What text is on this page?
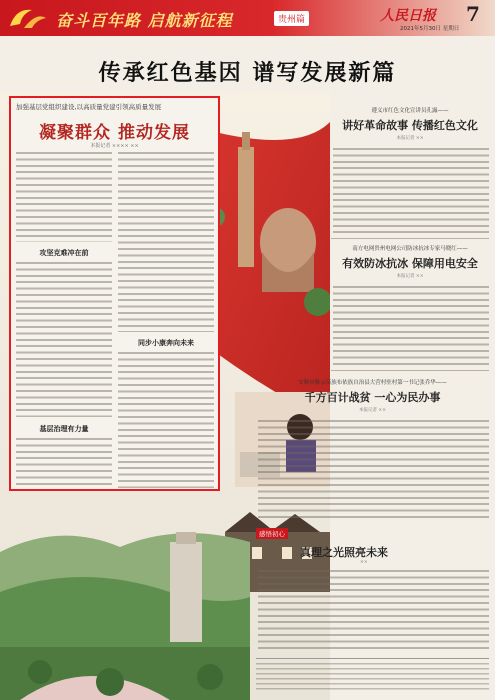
奋斗百年路 启航新征程	贵州篇	人民日报 7
2021年5月30日 星期日
传承红色基因 谱写发展新篇
加强基层党组织建设,以高质量党建引领高质量发展
凝聚群众 推动发展
本报记者 ×××× ××
攻坚克难冲在前
基层治理有力量
同步小康奔向未来
遵义市红色文化宣讲员孔露——
讲好革命故事 传播红色文化
本报记者 ××
南方电网贵州电网公司防冰抗冰专家马晓红——
有效防冰抗冰 保障用电安全
本报记者 ××
安顺市紫云苗族布依族自治县大营村驻村第一书记张乔华——
千方百计战贫 一心为民办事
本报记者 ××
感悟初心
真理之光照亮未来
××
